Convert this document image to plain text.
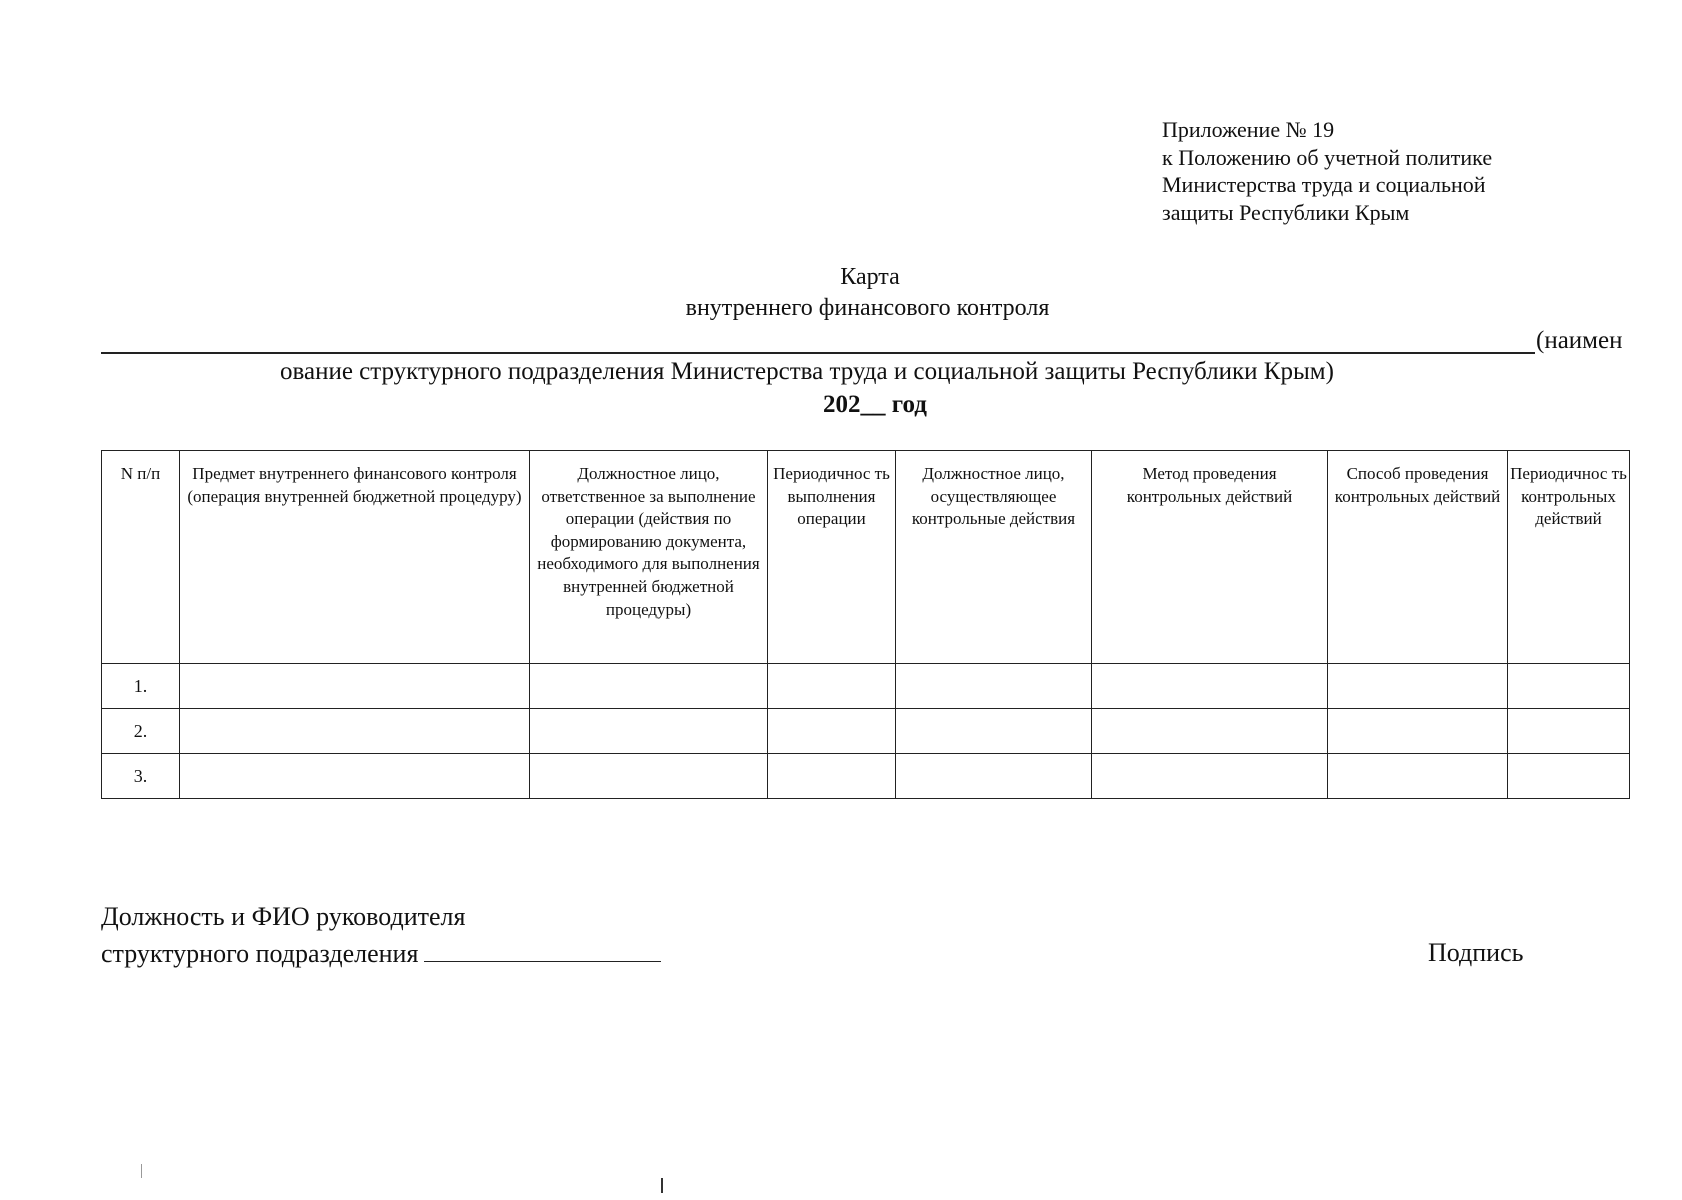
Приложение № 19
к Положению об учетной политике
Министерства труда и социальной
защиты Республики Крым
Карта
внутреннего финансового контроля
(наимен
ование структурного подразделения Министерства труда и социальной защиты Республики Крым)
202__ год
N п/п	Предмет внутреннего финансового контроля (операция внутренней бюджетной процедуру)	Должностное лицо, ответственное за выполнение операции (действия по формированию документа, необходимого для выполнения внутренней бюджетной процедуры)	Периодичнос ть выполнения операции	Должностное лицо, осуществляющее контрольные действия	Метод проведения контрольных действий	Способ проведения контрольных действий	Периодичнос ть контрольных действий
1.							
2.							
3.							
Должность и ФИО руководителя
структурного подразделения	Подпись
